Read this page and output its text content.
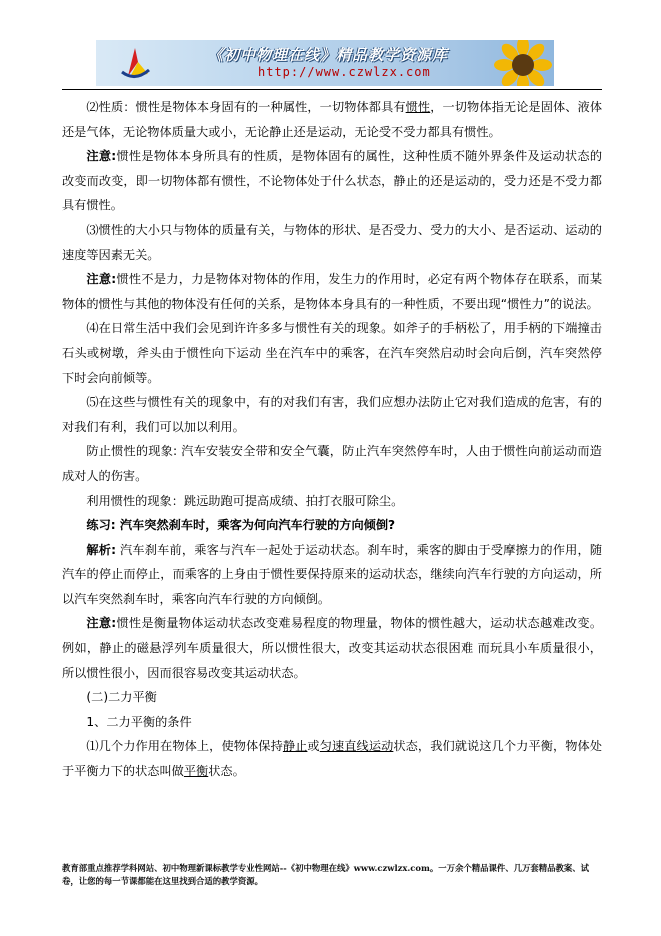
《初中物理在线》精品教学资源库
http://www.czwlzx.com

⑵性质：惯性是物体本身固有的一种属性，一切物体都具有惯性，一切物体指无论是固体、液体还是气体，无论物体质量大或小，无论静止还是运动，无论受不受力都具有惯性。

注意:惯性是物体本身所具有的性质，是物体固有的属性，这种性质不随外界条件及运动状态的改变而改变，即一切物体都有惯性，不论物体处于什么状态，静止的还是运动的，受力还是不受力都具有惯性。

⑶惯性的大小只与物体的质量有关，与物体的形状、是否受力、受力的大小、是否运动、运动的速度等因素无关。

注意:惯性不是力，力是物体对物体的作用，发生力的作用时，必定有两个物体存在联系，而某物体的惯性与其他的物体没有任何的关系，是物体本身具有的一种性质，不要出现“惯性力”的说法。

⑷在日常生活中我们会见到许许多多与惯性有关的现象。如斧子的手柄松了，用手柄的下端撞击石头或树墩，斧头由于惯性向下运动 坐在汽车中的乘客，在汽车突然启动时会向后倒，汽车突然停下时会向前倾等。

⑸在这些与惯性有关的现象中，有的对我们有害，我们应想办法防止它对我们造成的危害，有的对我们有利，我们可以加以利用。

防止惯性的现象: 汽车安装安全带和安全气囊，防止汽车突然停车时，人由于惯性向前运动而造成对人的伤害。

利用惯性的现象：跳远助跑可提高成绩、拍打衣服可除尘。

练习: 汽车突然刹车时，乘客为何向汽车行驶的方向倾倒?

解析: 汽车刹车前，乘客与汽车一起处于运动状态。刹车时，乘客的脚由于受摩擦力的作用，随汽车的停止而停止，而乘客的上身由于惯性要保持原来的运动状态，继续向汽车行驶的方向运动，所以汽车突然刹车时，乘客向汽车行驶的方向倾倒。

注意:惯性是衡量物体运动状态改变难易程度的物理量，物体的惯性越大，运动状态越难改变。例如，静止的磁悬浮列车质量很大，所以惯性很大，改变其运动状态很困难 而玩具小车质量很小，所以惯性很小，因而很容易改变其运动状态。

(二)二力平衡

1、二力平衡的条件

⑴几个力作用在物体上，使物体保持静止或匀速直线运动状态，我们就说这几个力平衡，物体处于平衡力下的状态叫做平衡状态。

教育部重点推荐学科网站、初中物理新课标教学专业性网站--《初中物理在线》www.czwlzx.com。一万余个精品课件、几万套精品教案、试卷，让您的每一节课都能在这里找到合适的教学资源。
